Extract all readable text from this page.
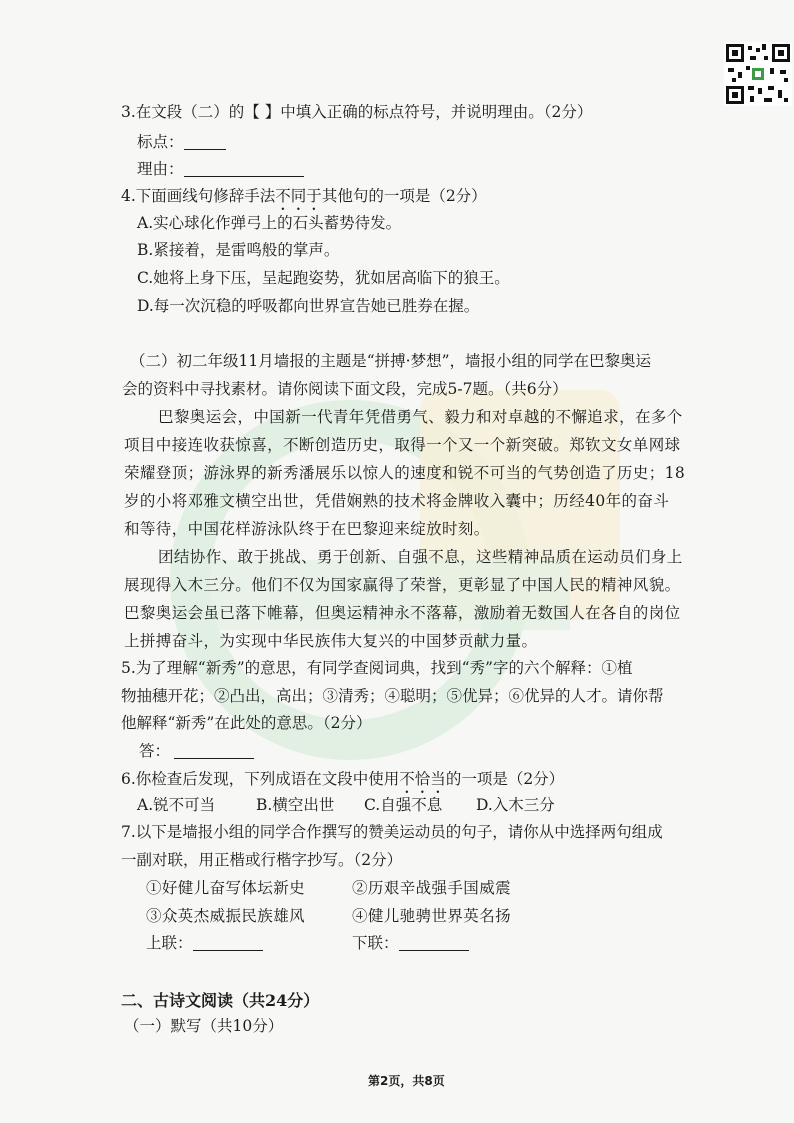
3.在文段（二）的【 】中填入正确的标点符号，并说明理由。（2分）
标点：
理由：
4.下面画线句修辞手法不同于其他句的一项是（2分）
A.实心球化作弹弓上的石头蓄势待发。
B.紧接着，是雷鸣般的掌声。
C.她将上身下压，呈起跑姿势，犹如居高临下的狼王。
D.每一次沉稳的呼吸都向世界宣告她已胜券在握。
（二）初二年级11月墙报的主题是“拼搏·梦想”，墙报小组的同学在巴黎奥运
会的资料中寻找素材。请你阅读下面文段，完成5-7题。（共6分）
巴黎奥运会，中国新一代青年凭借勇气、毅力和对卓越的不懈追求，在多个
项目中接连收获惊喜，不断创造历史，取得一个又一个新突破。郑钦文女单网球
荣耀登顶；游泳界的新秀潘展乐以惊人的速度和锐不可当的气势创造了历史；18
岁的小将邓雅文横空出世，凭借娴熟的技术将金牌收入囊中；历经40年的奋斗
和等待，中国花样游泳队终于在巴黎迎来绽放时刻。
团结协作、敢于挑战、勇于创新、自强不息，这些精神品质在运动员们身上
展现得入木三分。他们不仅为国家赢得了荣誉，更彰显了中国人民的精神风貌。
巴黎奥运会虽已落下帷幕，但奥运精神永不落幕，激励着无数国人在各自的岗位
上拼搏奋斗，为实现中华民族伟大复兴的中国梦贡献力量。
5.为了理解“新秀”的意思，有同学查阅词典，找到“秀”字的六个解释：①植
物抽穗开花；②凸出，高出；③清秀；④聪明；⑤优异；⑥优异的人才。请你帮
他解释“新秀”在此处的意思。（2分）
答：
6.你检查后发现，下列成语在文段中使用不恰当的一项是（2分）
A.锐不可当	B.横空出世 C.自强不息 D.入木三分
7.以下是墙报小组的同学合作撰写的赞美运动员的句子，请你从中选择两句组成
一副对联，用正楷或行楷字抄写。（2分）
①好健儿奋写体坛新史	②历艰辛战强手国威震
③众英杰威振民族雄风	④健儿驰骋世界英名扬
上联：	下联：
二、古诗文阅读（共24分）
（一）默写（共10分）
第2页，共8页
